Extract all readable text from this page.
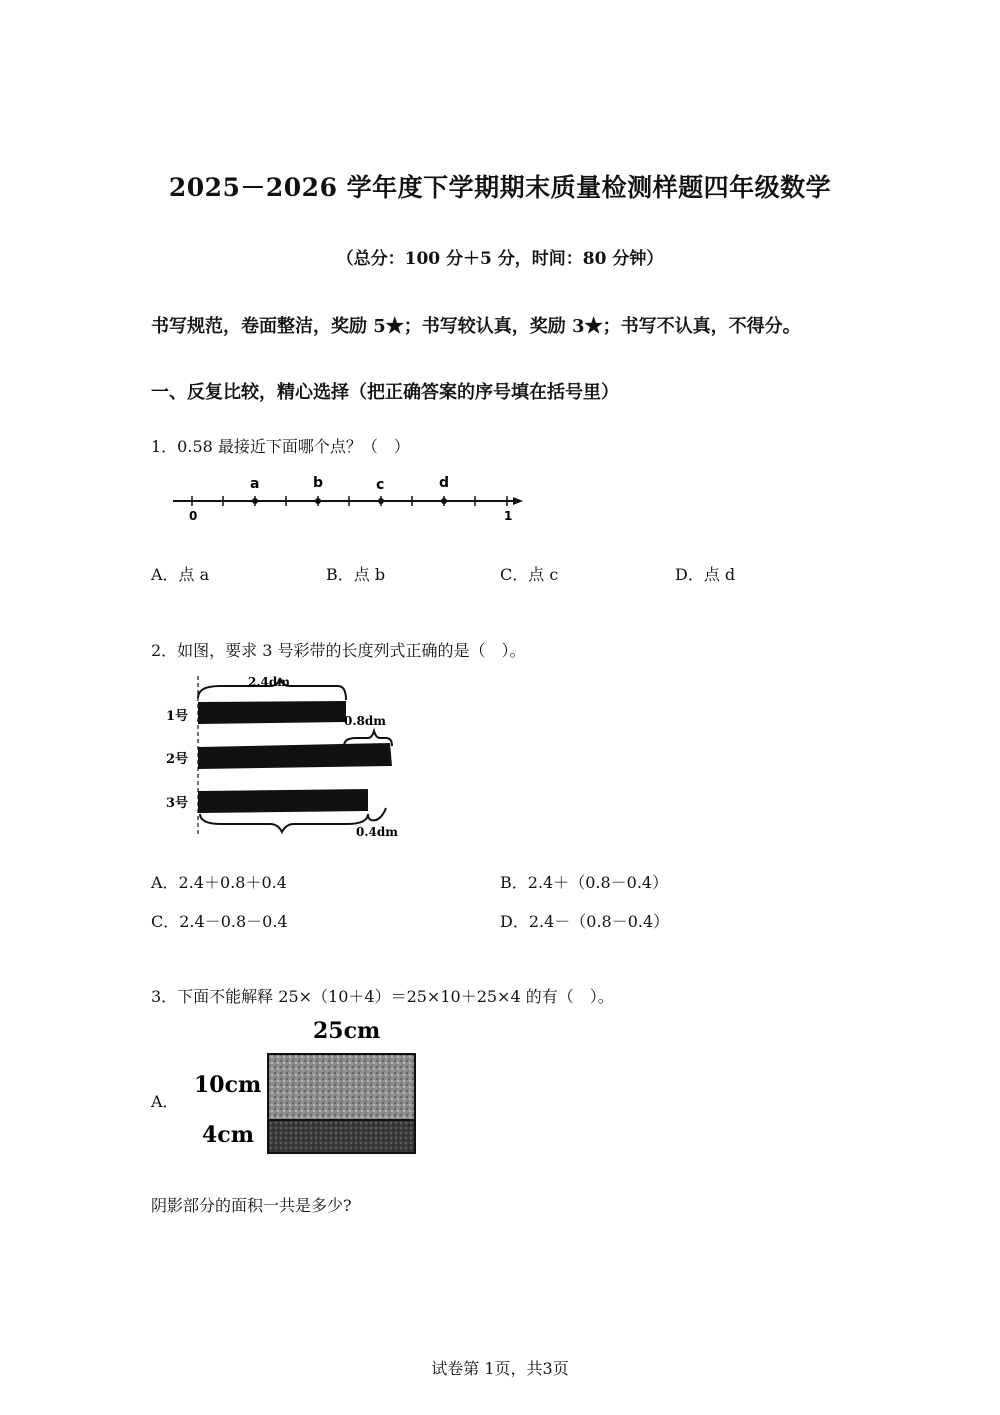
2025－2026 学年度下学期期末质量检测样题四年级数学
（总分：100 分＋5 分，时间：80 分钟）
书写规范，卷面整洁，奖励 5★；书写较认真，奖励 3★；书写不认真，不得分。
一、反复比较，精心选择（把正确答案的序号填在括号里）
1．0.58 最接近下面哪个点？（　）
0	1
a	b	c	d
A．点 a	B．点 b	C．点 c	D．点 d
2．如图，要求 3 号彩带的长度列式正确的是（　）。
2.4dm
0.8dm
0.4dm
1号
2号
3号
A．2.4＋0.8＋0.4	B．2.4＋（0.8－0.4）
C．2.4－0.8－0.4	D．2.4－（0.8－0.4）
3．下面不能解释 25×（10＋4）＝25×10＋25×4 的有（　）。
A．
25cm
10cm
4cm
阴影部分的面积一共是多少?
试卷第 1页，共3页
